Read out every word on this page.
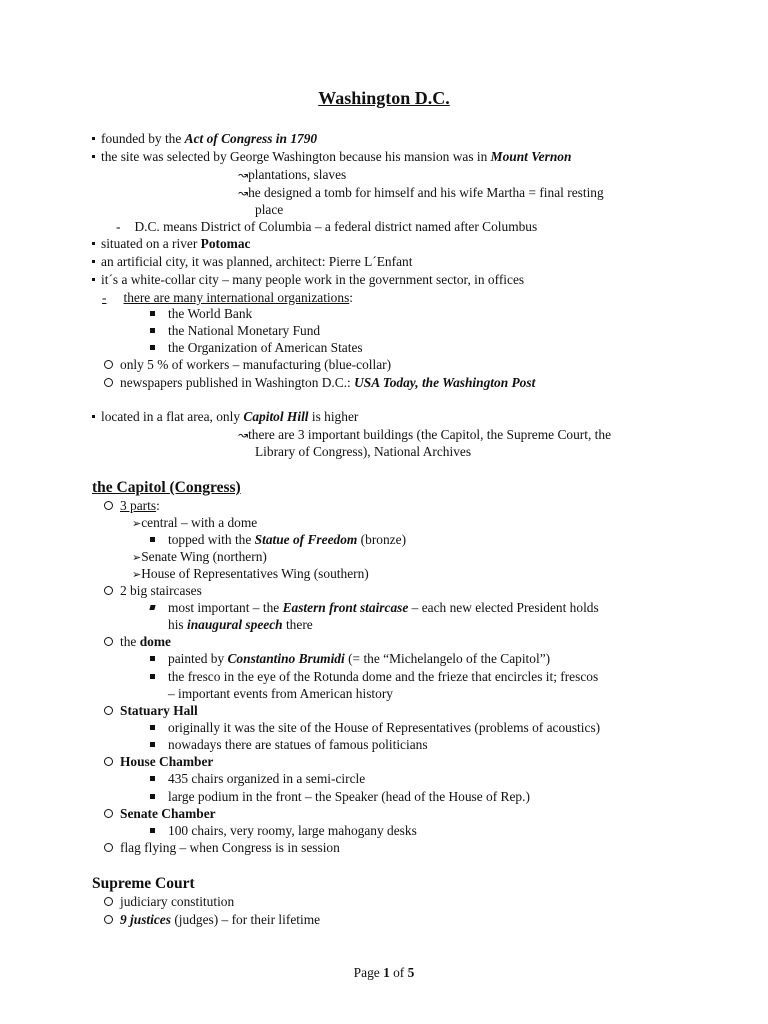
Washington D.C.
founded by the Act of Congress in 1790
the site was selected by George Washington because his mansion was in Mount Vernon
↝plantations, slaves
↝he designed a tomb for himself and his wife Martha = final resting
place
- D.C. means District of Columbia – a federal district named after Columbus
situated on a river Potomac
an artificial city, it was planned, architect: Pierre L´Enfant
it´s a white-collar city – many people work in the government sector, in offices
- there are many international organizations:
the World Bank
the National Monetary Fund
the Organization of American States
only 5 % of workers – manufacturing (blue-collar)
newspapers published in Washington D.C.: USA Today, the Washington Post
located in a flat area, only Capitol Hill is higher
↝there are 3 important buildings (the Capitol, the Supreme Court, the
Library of Congress), National Archives
the Capitol (Congress)
3 parts:
➢central – with a dome
topped with the Statue of Freedom (bronze)
➢Senate Wing (northern)
➢House of Representatives Wing (southern)
2 big staircases
most important – the Eastern front staircase – each new elected President holds
his inaugural speech there
the dome
painted by Constantino Brumidi (= the “Michelangelo of the Capitol”)
the fresco in the eye of the Rotunda dome and the frieze that encircles it; frescos
– important events from American history
Statuary Hall
originally it was the site of the House of Representatives (problems of acoustics)
nowadays there are statues of famous politicians
House Chamber
435 chairs organized in a semi-circle
large podium in the front – the Speaker (head of the House of Rep.)
Senate Chamber
100 chairs, very roomy, large mahogany desks
flag flying – when Congress is in session
Supreme Court
judiciary constitution
9 justices (judges) – for their lifetime
Page 1 of 5
